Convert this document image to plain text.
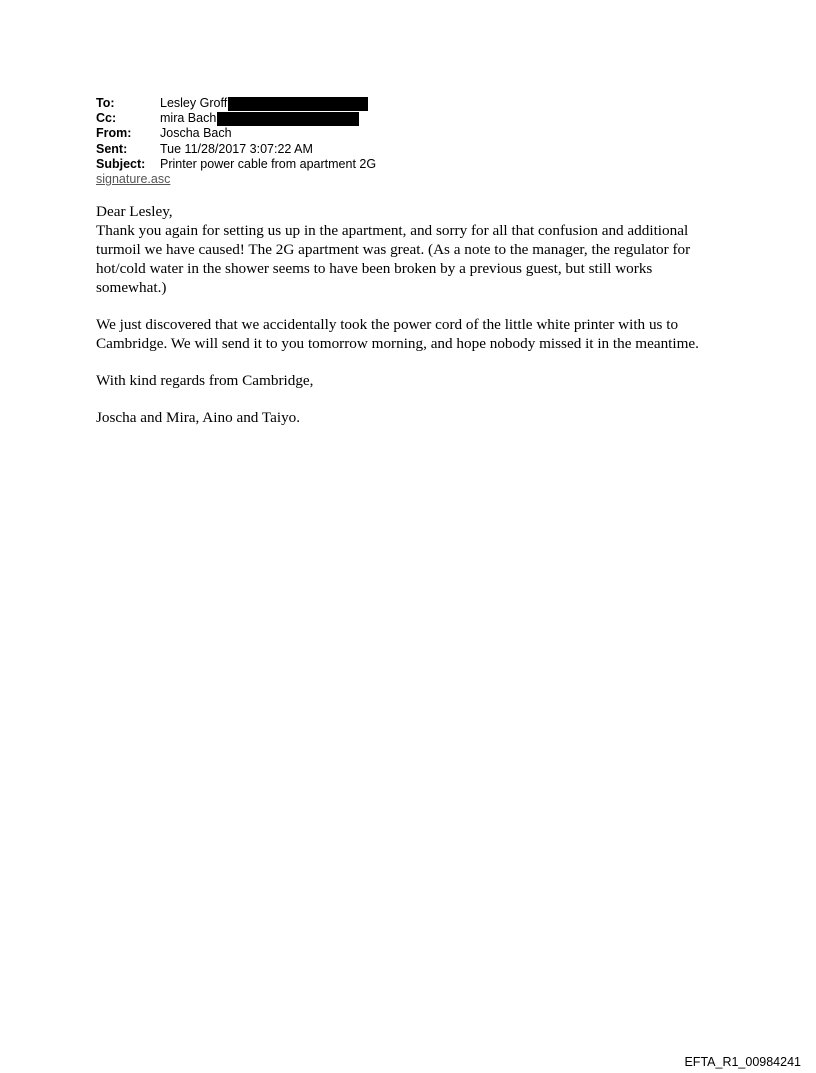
To:	Lesley Groff
Cc:	mira Bach
From:	Joscha Bach
Sent:	Tue 11/28/2017 3:07:22 AM
Subject:	Printer power cable from apartment 2G
signature.asc

Dear Lesley,

Thank you again for setting us up in the apartment, and sorry for all that confusion and additional turmoil we have caused! The 2G apartment was great. (As a note to the manager, the regulator for hot/cold water in the shower seems to have been broken by a previous guest, but still works somewhat.)

We just discovered that we accidentally took the power cord of the little white printer with us to Cambridge. We will send it to you tomorrow morning, and hope nobody missed it in the meantime.

With kind regards from Cambridge,

Joscha and Mira, Aino and Taiyo.

EFTA_R1_00984241
